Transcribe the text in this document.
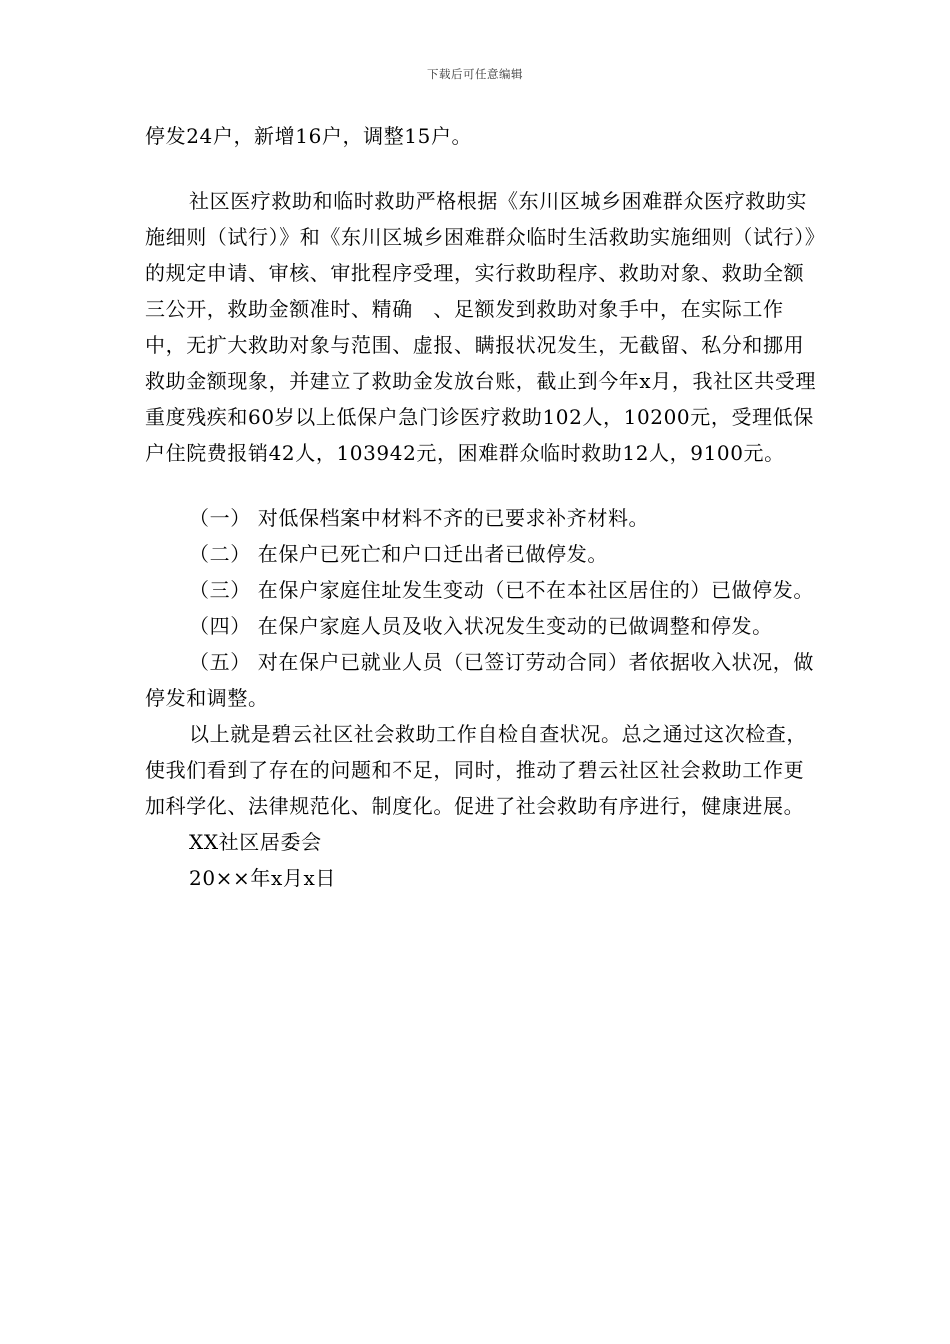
下载后可任意编辑

停发24户，新增16户，调整15户。

社区医疗救助和临时救助严格根据《东川区城乡困难群众医疗救助实施细则（试行）》和《东川区城乡困难群众临时生活救助实施细则（试行）》的规定申请、审核、审批程序受理，实行救助程序、救助对象、救助全额三公开，救助金额准时、精确　、足额发到救助对象手中，在实际工作中，无扩大救助对象与范围、虚报、瞒报状况发生，无截留、私分和挪用救助金额现象，并建立了救助金发放台账，截止到今年x月，我社区共受理重度残疾和60岁以上低保户急门诊医疗救助102人，10200元，受理低保户住院费报销42人，103942元，困难群众临时救助12人，9100元。

（一） 对低保档案中材料不齐的已要求补齐材料。

（二） 在保户已死亡和户口迁出者已做停发。

（三） 在保户家庭住址发生变动（已不在本社区居住的）已做停发。

（四） 在保户家庭人员及收入状况发生变动的已做调整和停发。

（五） 对在保户已就业人员（已签订劳动合同）者依据收入状况，做停发和调整。

以上就是碧云社区社会救助工作自检自查状况。总之通过这次检查，使我们看到了存在的问题和不足，同时，推动了碧云社区社会救助工作更加科学化、法律规范化、制度化。促进了社会救助有序进行，健康进展。

XX社区居委会

20××年x月x日
